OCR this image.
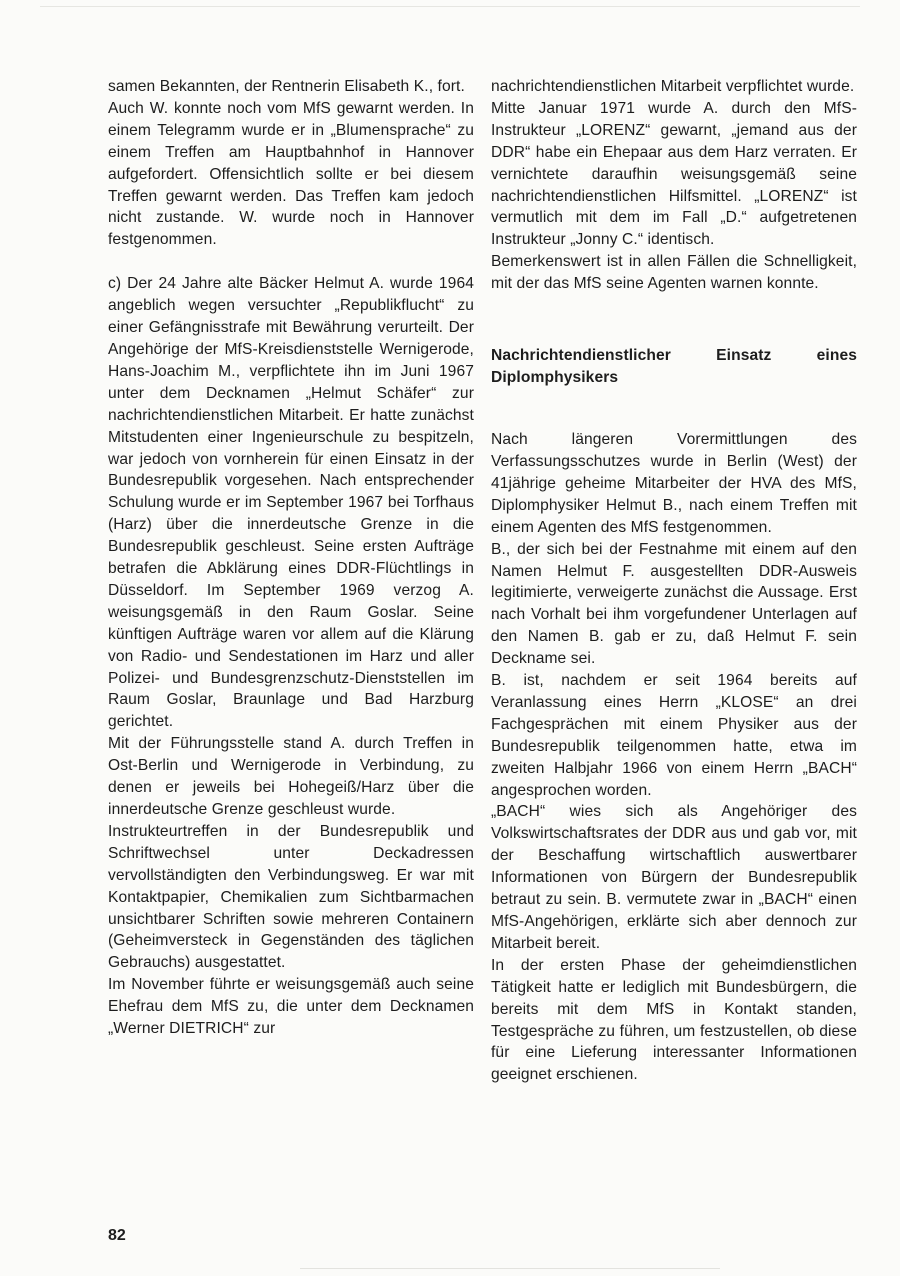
samen Bekannten, der Rentnerin Elisabeth K., fort.

Auch W. konnte noch vom MfS gewarnt werden. In einem Telegramm wurde er in „Blumensprache“ zu einem Treffen am Hauptbahnhof in Hannover aufgefordert. Offensichtlich sollte er bei diesem Treffen gewarnt werden. Das Treffen kam jedoch nicht zustande. W. wurde noch in Hannover festgenommen.

c) Der 24 Jahre alte Bäcker Helmut A. wurde 1964 angeblich wegen versuchter „Republikflucht“ zu einer Gefängnisstrafe mit Bewährung verurteilt. Der Angehörige der MfS-Kreisdienststelle Wernigerode, Hans-Joachim M., verpflichtete ihn im Juni 1967 unter dem Decknamen „Helmut Schäfer“ zur nachrichtendienstlichen Mitarbeit. Er hatte zunächst Mitstudenten einer Ingenieurschule zu bespitzeln, war jedoch von vornherein für einen Einsatz in der Bundesrepublik vorgesehen. Nach entsprechender Schulung wurde er im September 1967 bei Torfhaus (Harz) über die innerdeutsche Grenze in die Bundesrepublik geschleust. Seine ersten Aufträge betrafen die Abklärung eines DDR-Flüchtlings in Düsseldorf. Im September 1969 verzog A. weisungsgemäß in den Raum Goslar. Seine künftigen Aufträge waren vor allem auf die Klärung von Radio- und Sendestationen im Harz und aller Polizei- und Bundesgrenzschutz-Dienststellen im Raum Goslar, Braunlage und Bad Harzburg gerichtet.

Mit der Führungsstelle stand A. durch Treffen in Ost-Berlin und Wernigerode in Verbindung, zu denen er jeweils bei Hohegeiß/Harz über die innerdeutsche Grenze geschleust wurde.

Instrukteurtreffen in der Bundesrepublik und Schriftwechsel unter Deckadressen vervollständigten den Verbindungsweg. Er war mit Kontaktpapier, Chemikalien zum Sichtbarmachen unsichtbarer Schriften sowie mehreren Containern (Geheimversteck in Gegenständen des täglichen Gebrauchs) ausgestattet.

Im November führte er weisungsgemäß auch seine Ehefrau dem MfS zu, die unter dem Decknamen „Werner DIETRICH“ zur

nachrichtendienstlichen Mitarbeit verpflichtet wurde.

Mitte Januar 1971 wurde A. durch den MfS-Instrukteur „LORENZ“ gewarnt, „jemand aus der DDR“ habe ein Ehepaar aus dem Harz verraten. Er vernichtete daraufhin weisungsgemäß seine nachrichtendienstlichen Hilfsmittel. „LORENZ“ ist vermutlich mit dem im Fall „D.“ aufgetretenen Instrukteur „Jonny C.“ identisch.

Bemerkenswert ist in allen Fällen die Schnelligkeit, mit der das MfS seine Agenten warnen konnte.

Nachrichtendienstlicher Einsatz eines Diplomphysikers

Nach längeren Vorermittlungen des Verfassungsschutzes wurde in Berlin (West) der 41jährige geheime Mitarbeiter der HVA des MfS, Diplomphysiker Helmut B., nach einem Treffen mit einem Agenten des MfS festgenommen.

B., der sich bei der Festnahme mit einem auf den Namen Helmut F. ausgestellten DDR-Ausweis legitimierte, verweigerte zunächst die Aussage. Erst nach Vorhalt bei ihm vorgefundener Unterlagen auf den Namen B. gab er zu, daß Helmut F. sein Deckname sei.

B. ist, nachdem er seit 1964 bereits auf Veranlassung eines Herrn „KLOSE“ an drei Fachgesprächen mit einem Physiker aus der Bundesrepublik teilgenommen hatte, etwa im zweiten Halbjahr 1966 von einem Herrn „BACH“ angesprochen worden.

„BACH“ wies sich als Angehöriger des Volkswirtschaftsrates der DDR aus und gab vor, mit der Beschaffung wirtschaftlich auswertbarer Informationen von Bürgern der Bundesrepublik betraut zu sein. B. vermutete zwar in „BACH“ einen MfS-Angehörigen, erklärte sich aber dennoch zur Mitarbeit bereit.

In der ersten Phase der geheimdienstlichen Tätigkeit hatte er lediglich mit Bundesbürgern, die bereits mit dem MfS in Kontakt standen, Testgespräche zu führen, um festzustellen, ob diese für eine Lieferung interessanter Informationen geeignet erschienen.

82
